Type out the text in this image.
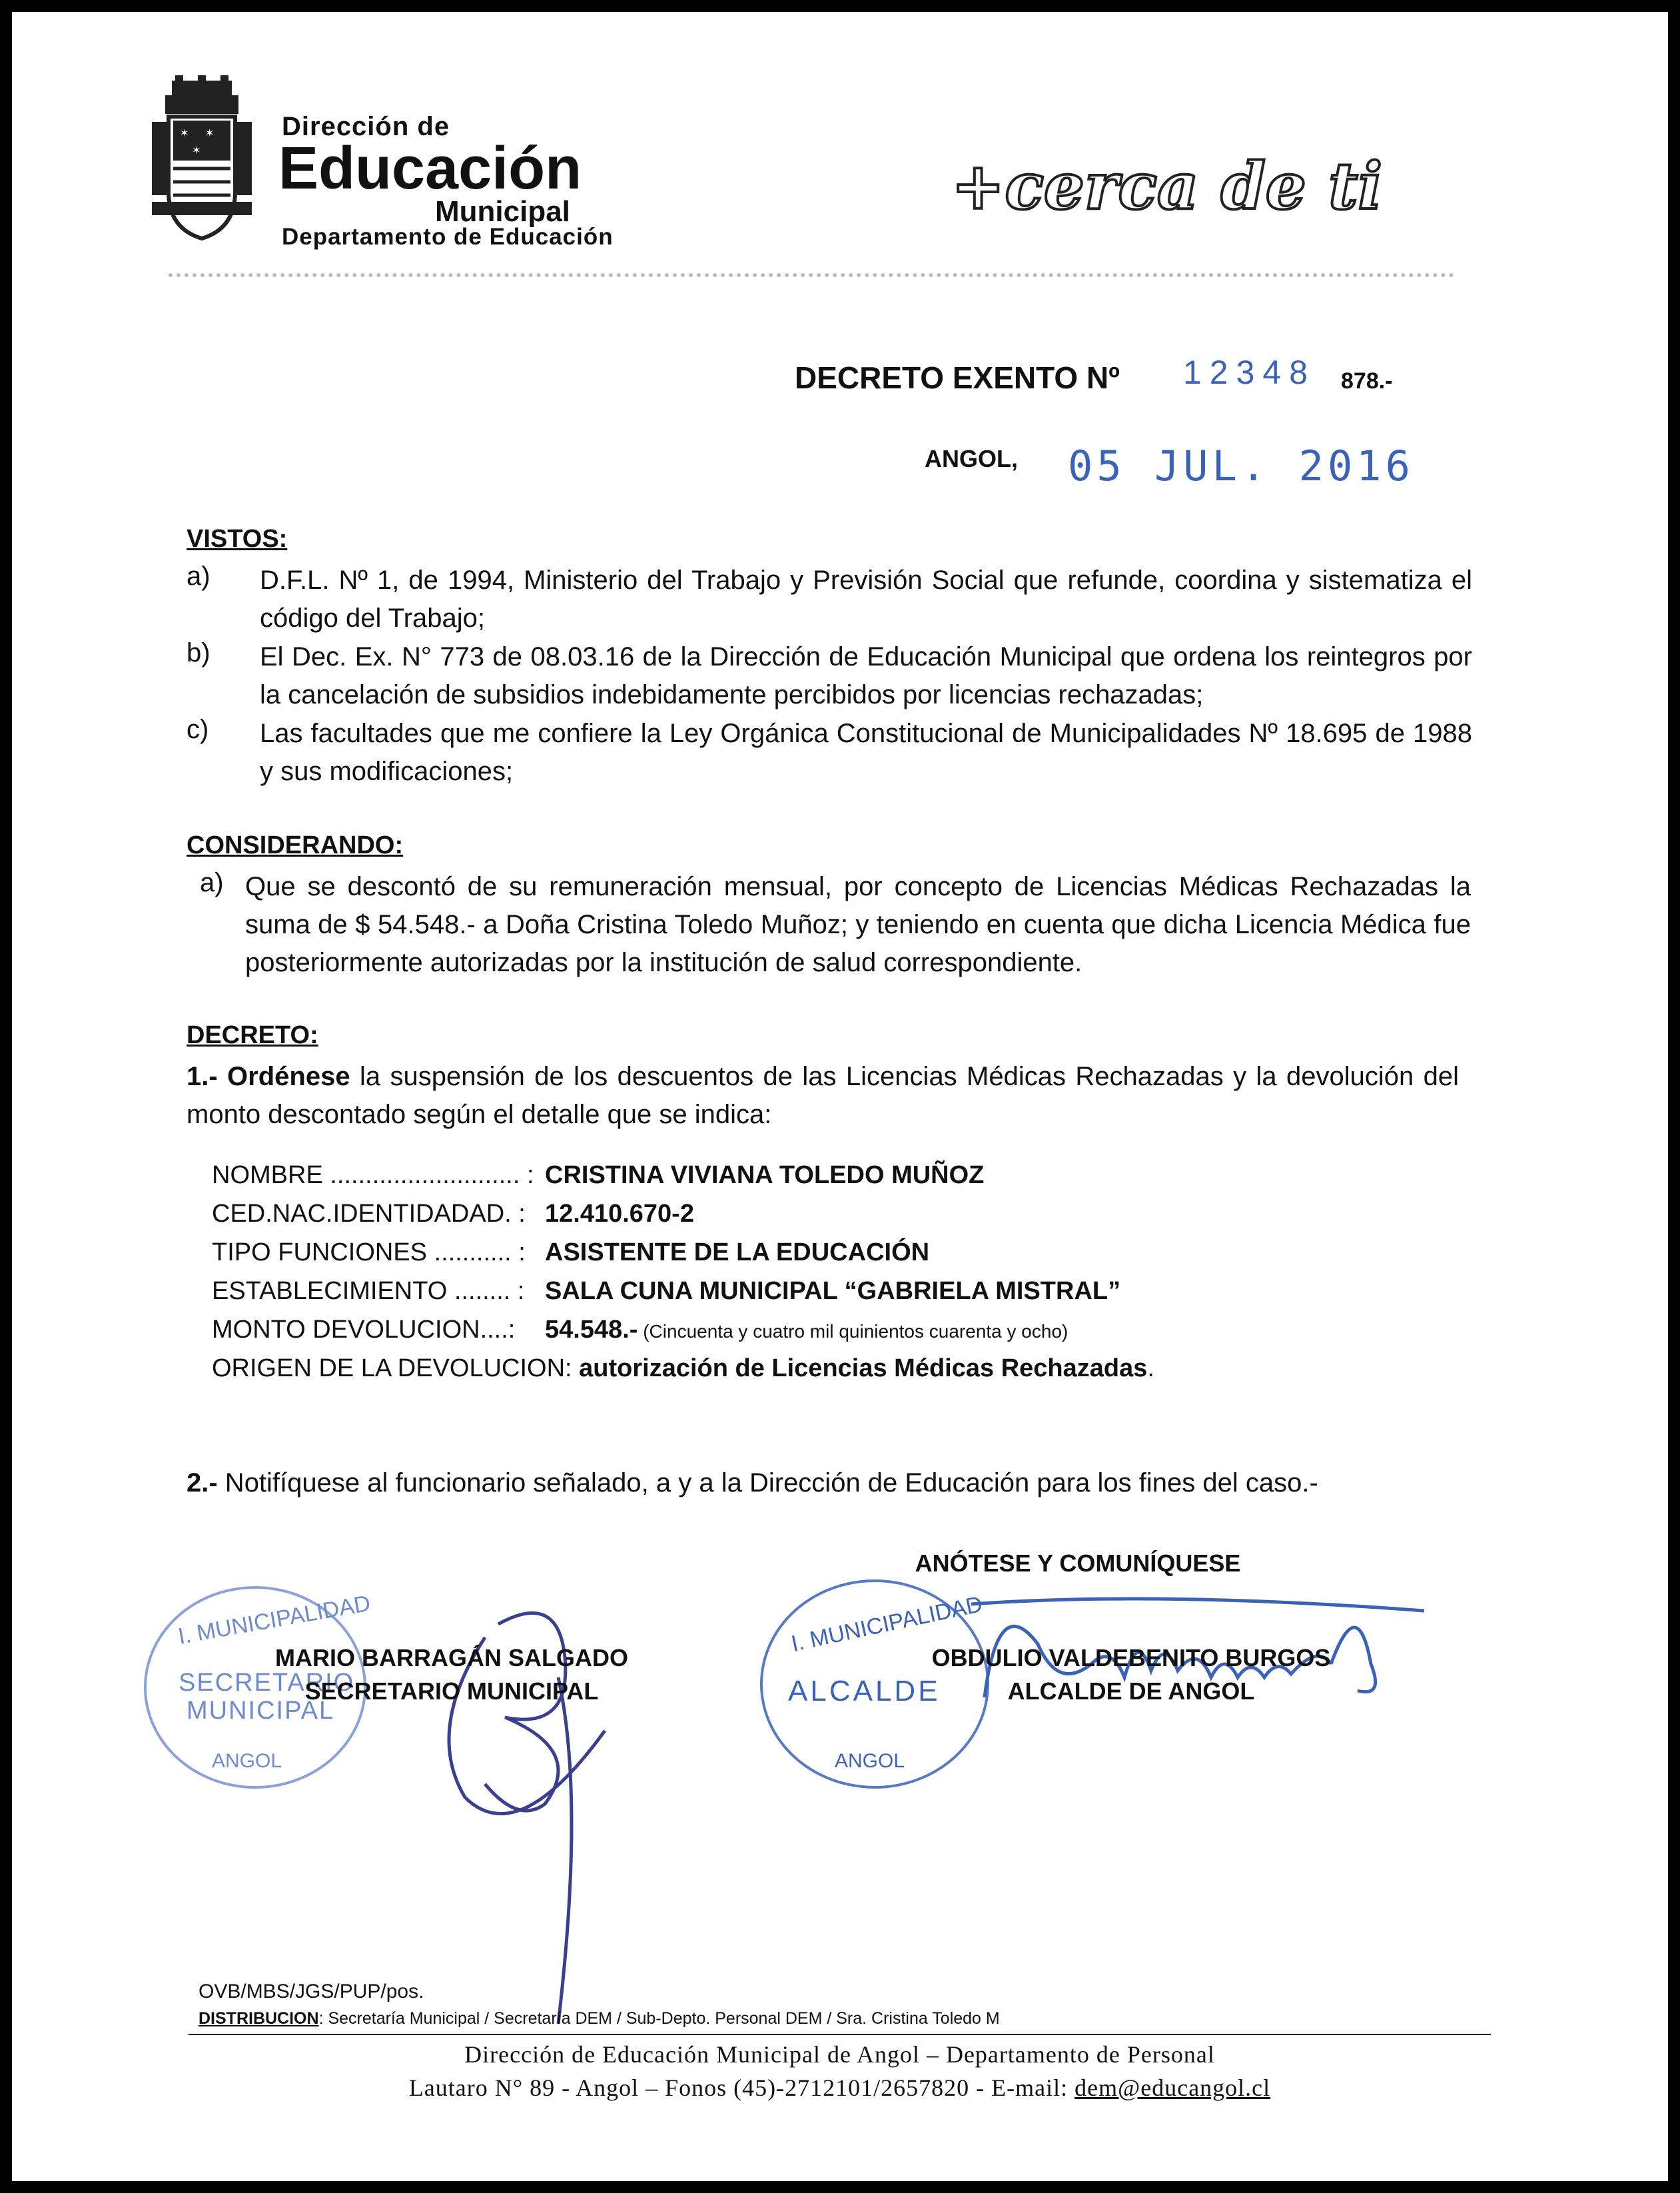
✶ ✶
✶
Dirección de
Educación
Municipal
Departamento de Educación
+cerca de ti
DECRETO EXENTO Nº 12348 878.-
ANGOL, 05 JUL. 2016
VISTOS:
a) D.F.L. Nº 1, de 1994, Ministerio del Trabajo y Previsión Social que refunde, coordina y sistematiza el código del Trabajo;
b) El Dec. Ex. N° 773 de 08.03.16 de la Dirección de Educación Municipal que ordena los reintegros por la cancelación de subsidios indebidamente percibidos por licencias rechazadas;
c) Las facultades que me confiere la Ley Orgánica Constitucional de Municipalidades Nº 18.695 de 1988 y sus modificaciones;
CONSIDERANDO:
a) Que se descontó de su remuneración mensual, por concepto de Licencias Médicas Rechazadas la suma de $ 54.548.- a Doña Cristina Toledo Muñoz; y teniendo en cuenta que dicha Licencia Médica fue posteriormente autorizadas por la institución de salud correspondiente.
DECRETO:
1.- Ordénese la suspensión de los descuentos de las Licencias Médicas Rechazadas y la devolución del monto descontado según el detalle que se indica:
NOMBRE ........................... : CRISTINA VIVIANA TOLEDO MUÑOZ
CED.NAC.IDENTIDADAD. : 12.410.670-2
TIPO FUNCIONES ........... : ASISTENTE DE LA EDUCACIÓN
ESTABLECIMIENTO ........ : SALA CUNA MUNICIPAL “GABRIELA MISTRAL”
MONTO DEVOLUCION....:	54.548.- (Cincuenta y cuatro mil quinientos cuarenta y ocho)
ORIGEN DE LA DEVOLUCION: autorización de Licencias Médicas Rechazadas.
2.- Notifíquese al funcionario señalado, a y a la Dirección de Educación para los fines del caso.-
ANÓTESE Y COMUNÍQUESE
I. MUNICIPALIDAD
SECRETARIO
MUNICIPAL
ANGOL
I. MUNICIPALIDAD
ALCALDE
ANGOL
MARIO BARRAGÁN SALGADO
SECRETARIO MUNICIPAL
OBDULIO VALDEBENITO BURGOS
ALCALDE DE ANGOL
OVB/MBS/JGS/PUP/pos.
DISTRIBUCION: Secretaría Municipal / Secretaría DEM / Sub-Depto. Personal DEM / Sra. Cristina Toledo M
Dirección de Educación Municipal de Angol – Departamento de Personal
Lautaro N° 89 - Angol – Fonos (45)-2712101/2657820 - E-mail: dem@educangol.cl
